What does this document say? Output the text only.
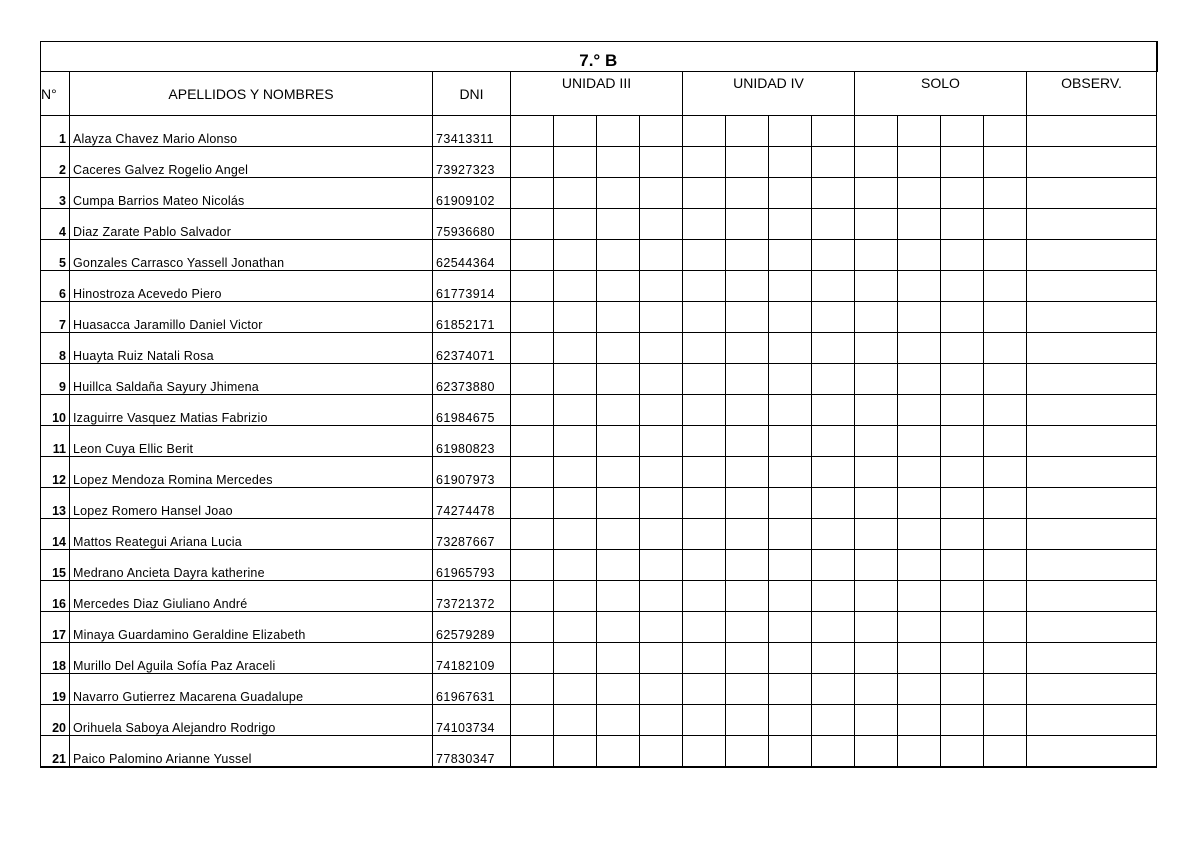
7.° B															
N°	APELLIDOS Y NOMBRES	DNI	UNIDAD III				UNIDAD IV				SOLO				OBSERV.
1	Alayza Chavez Mario Alonso	73413311													
2	Caceres Galvez Rogelio Angel	73927323													
3	Cumpa Barrios Mateo Nicolás	61909102													
4	Diaz Zarate Pablo Salvador	75936680													
5	Gonzales Carrasco Yassell Jonathan	62544364													
6	Hinostroza Acevedo Piero	61773914													
7	Huasacca Jaramillo Daniel Victor	61852171													
8	Huayta Ruiz Natali Rosa	62374071													
9	Huillca Saldaña Sayury Jhimena	62373880													
10	Izaguirre Vasquez Matias Fabrizio	61984675													
11	Leon Cuya Ellic Berit	61980823													
12	Lopez Mendoza Romina Mercedes	61907973													
13	Lopez Romero Hansel Joao	74274478													
14	Mattos Reategui Ariana Lucia	73287667													
15	Medrano Ancieta Dayra katherine	61965793													
16	Mercedes Diaz Giuliano André	73721372													
17	Minaya Guardamino Geraldine Elizabeth	62579289													
18	Murillo Del Aguila Sofía Paz Araceli	74182109													
19	Navarro Gutierrez Macarena Guadalupe	61967631													
20	Orihuela Saboya Alejandro Rodrigo	74103734													
21	Paico Palomino Arianne Yussel	77830347													
